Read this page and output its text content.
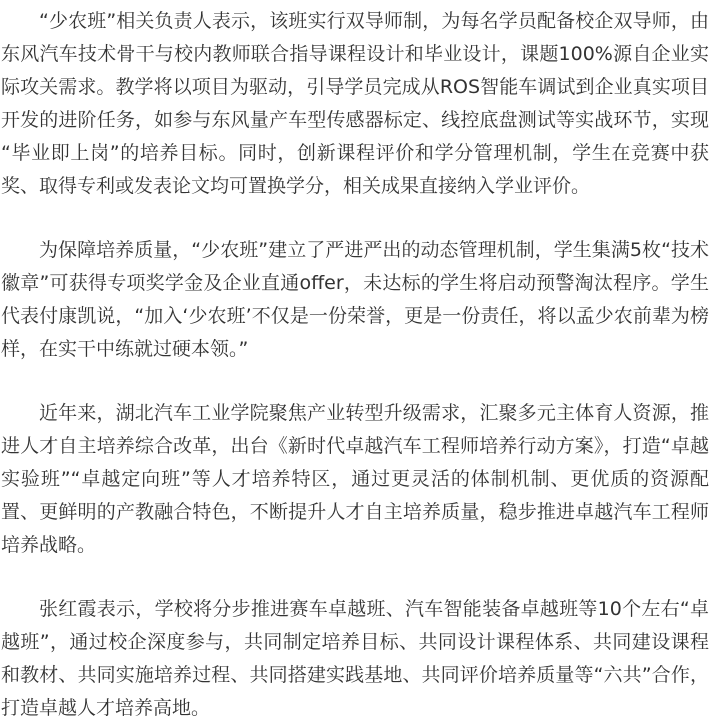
“少农班”相关负责人表示，该班实行双导师制，为每名学员配备校企双导师，由东风汽车技术骨干与校内教师联合指导课程设计和毕业设计，课题100%源自企业实际攻关需求。教学将以项目为驱动，引导学员完成从ROS智能车调试到企业真实项目开发的进阶任务，如参与东风量产车型传感器标定、线控底盘测试等实战环节，实现“毕业即上岗”的培养目标。同时，创新课程评价和学分管理机制，学生在竞赛中获奖、取得专利或发表论文均可置换学分，相关成果直接纳入学业评价。

为保障培养质量，“少农班”建立了严进严出的动态管理机制，学生集满5枚“技术徽章”可获得专项奖学金及企业直通offer，未达标的学生将启动预警淘汰程序。学生代表付康凯说，“加入‘少农班’不仅是一份荣誉，更是一份责任，将以孟少农前辈为榜样，在实干中练就过硬本领。”

近年来，湖北汽车工业学院聚焦产业转型升级需求，汇聚多元主体育人资源，推进人才自主培养综合改革，出台《新时代卓越汽车工程师培养行动方案》，打造“卓越实验班”“卓越定向班”等人才培养特区，通过更灵活的体制机制、更优质的资源配置、更鲜明的产教融合特色，不断提升人才自主培养质量，稳步推进卓越汽车工程师培养战略。

张红霞表示，学校将分步推进赛车卓越班、汽车智能装备卓越班等10个左右“卓越班”，通过校企深度参与，共同制定培养目标、共同设计课程体系、共同建设课程和教材、共同实施培养过程、共同搭建实践基地、共同评价培养质量等“六共”合作，打造卓越人才培养高地。
